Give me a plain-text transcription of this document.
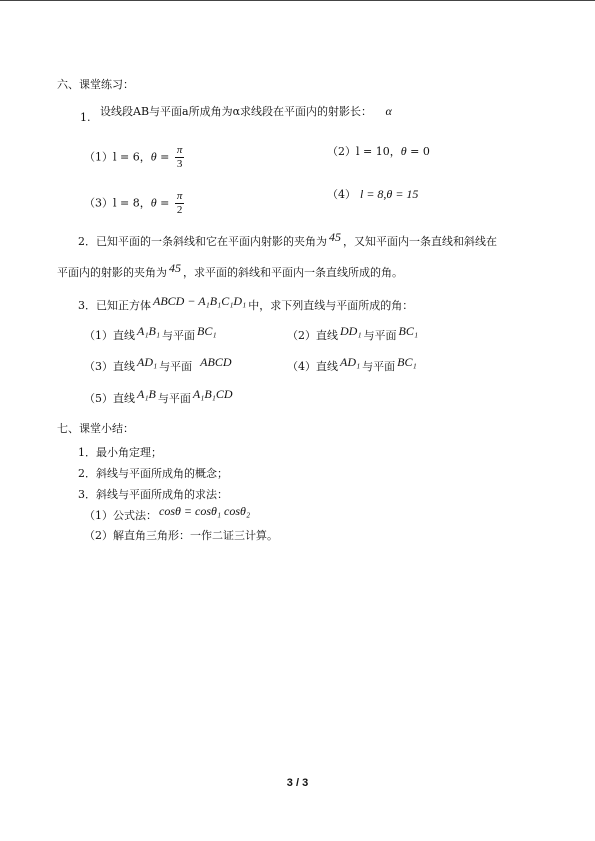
六、课堂练习：
1. 设线段AB与平面a所成角为α求线段在平面内的射影长： α
（1）l = 6，$\theta = \frac{\pi}{3}$	（2）l = 10，θ = 0
（3）l = 8，$\theta = \frac{\pi}{2}$	（4） l = 8,θ = 15
2．已知平面的一条斜线和它在平面内射影的夹角为 45 ，又知平面内一条直线和斜线在
平面内的射影的夹角为 45 ，求平面的斜线和平面内一条直线所成的角。
3．已知正方体 ABCD − A₁B₁C₁D₁ 中，求下列直线与平面所成的角：
（1）直线 A₁B₁ 与平面 BC₁	（2）直线 DD₁ 与平面 BC₁
（3）直线 AD₁ 与平面 ABCD	（4）直线 AD₁ 与平面 BC₁
（5）直线 A₁B 与平面 A₁B₁CD
七、课堂小结：
1．最小角定理；
2．斜线与平面所成角的概念；
3．斜线与平面所成角的求法：
（1）公式法： cosθ = cosθ₁ cosθ₂
（2）解直角三角形：一作二证三计算。
3 / 3
